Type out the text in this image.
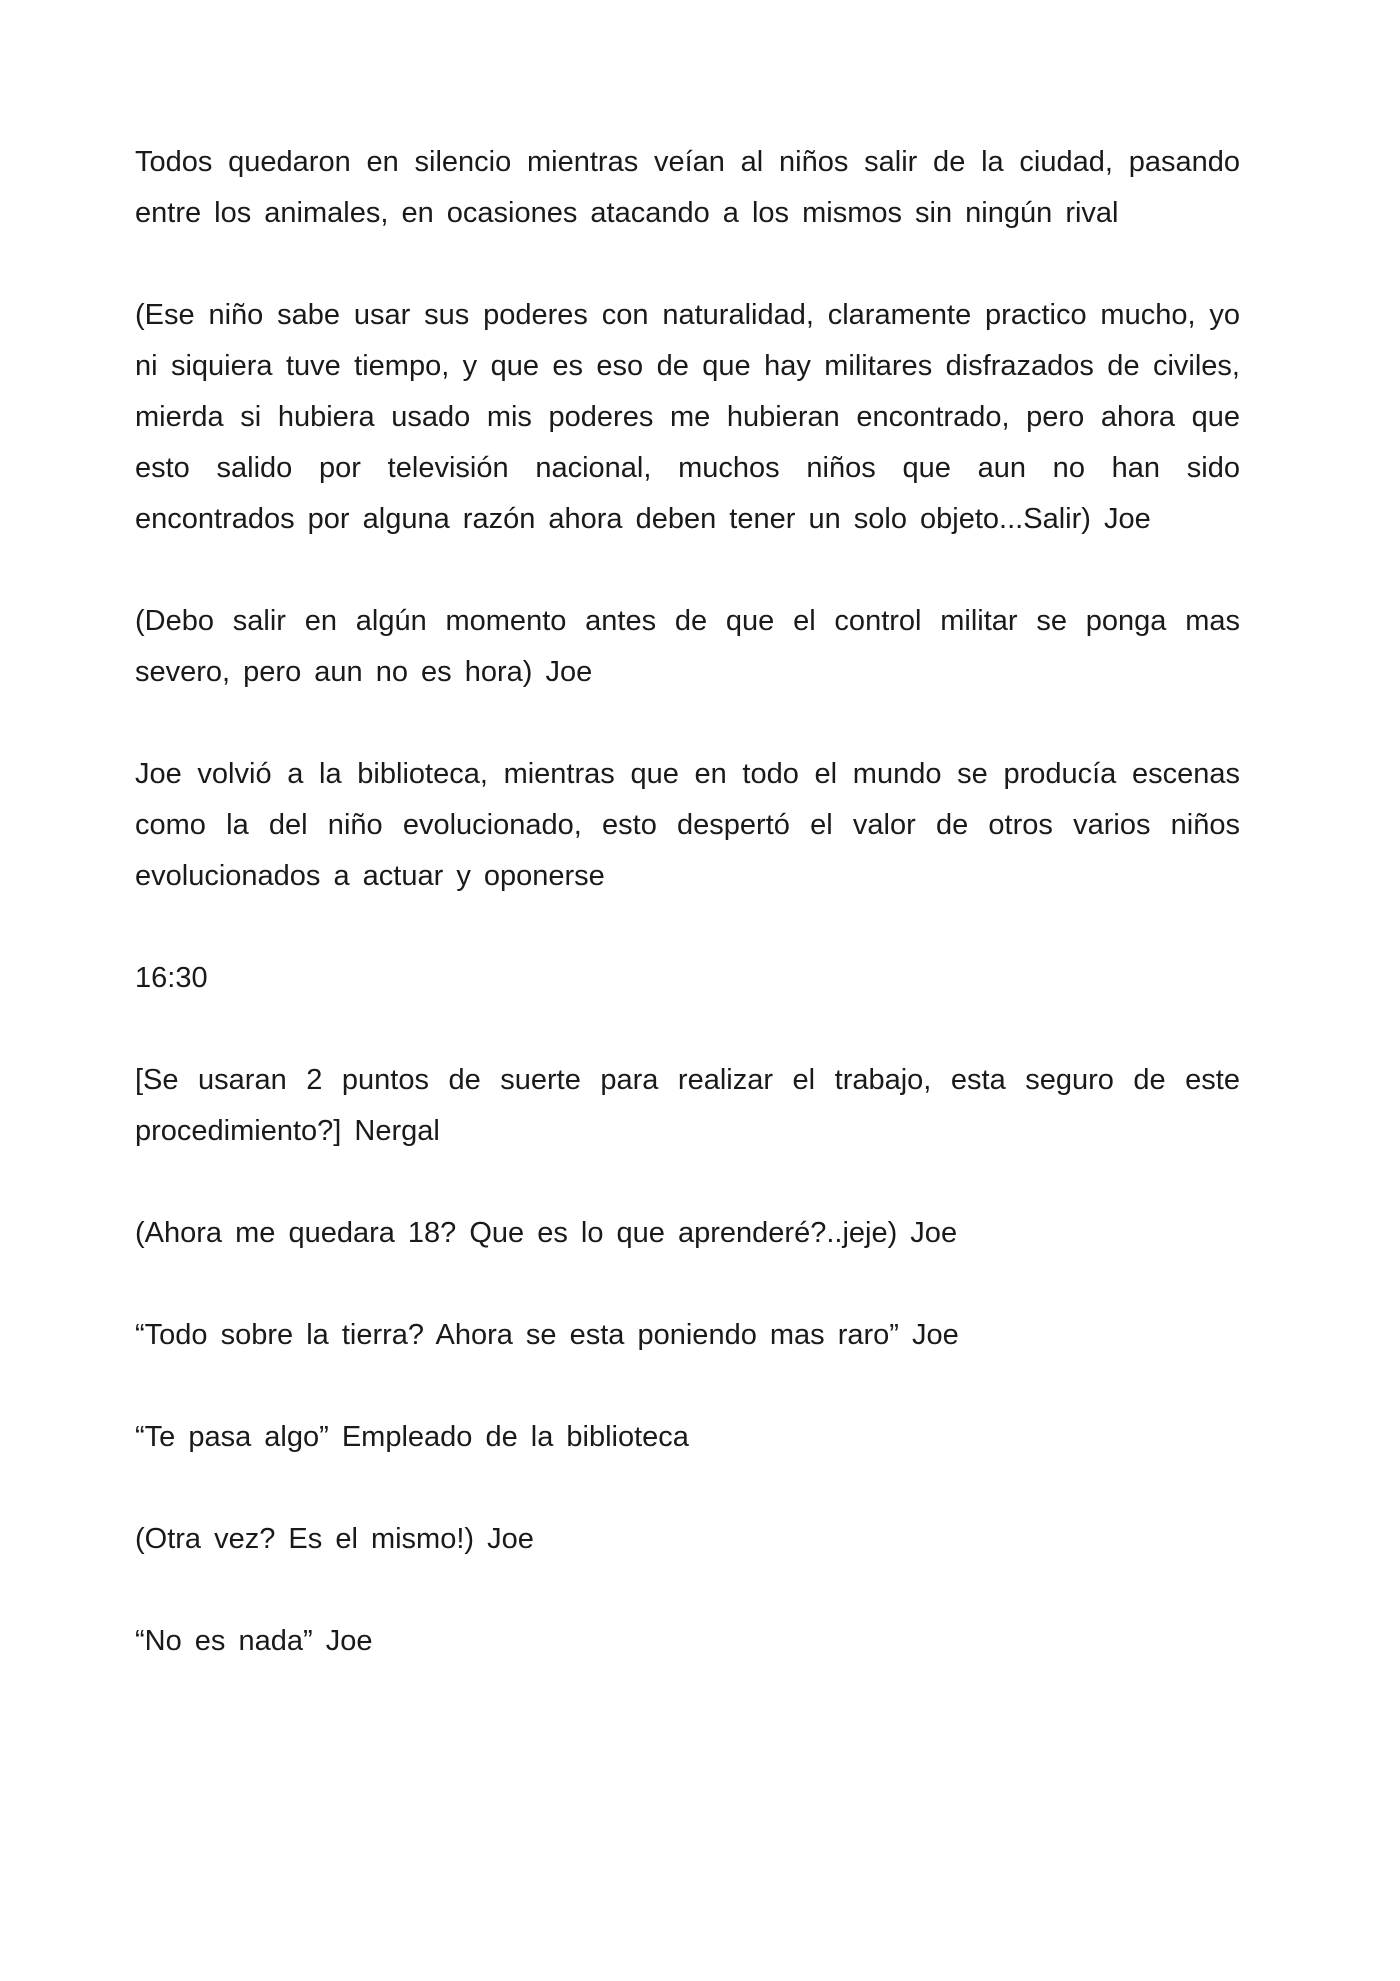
Todos quedaron en silencio mientras veían al niños salir de la ciudad, pasando entre los animales, en ocasiones atacando a los mismos sin ningún rival

(Ese niño sabe usar sus poderes con naturalidad, claramente practico mucho, yo ni siquiera tuve tiempo, y que es eso de que hay militares disfrazados de civiles, mierda si hubiera usado mis poderes me hubieran encontrado, pero ahora que esto salido por televisión nacional, muchos niños que aun no han sido encontrados por alguna razón ahora deben tener un solo objeto...Salir) Joe

(Debo salir en algún momento antes de que el control militar se ponga mas severo, pero aun no es hora) Joe

Joe volvió a la biblioteca, mientras que en todo el mundo se producía escenas como la del niño evolucionado, esto despertó el valor de otros varios niños evolucionados a actuar y oponerse

16:30

[Se usaran 2 puntos de suerte para realizar el trabajo, esta seguro de este procedimiento?] Nergal

(Ahora me quedara 18? Que es lo que aprenderé?..jeje) Joe

“Todo sobre la tierra? Ahora se esta poniendo mas raro” Joe

“Te pasa algo” Empleado de la biblioteca

(Otra vez? Es el mismo!) Joe

“No es nada” Joe
